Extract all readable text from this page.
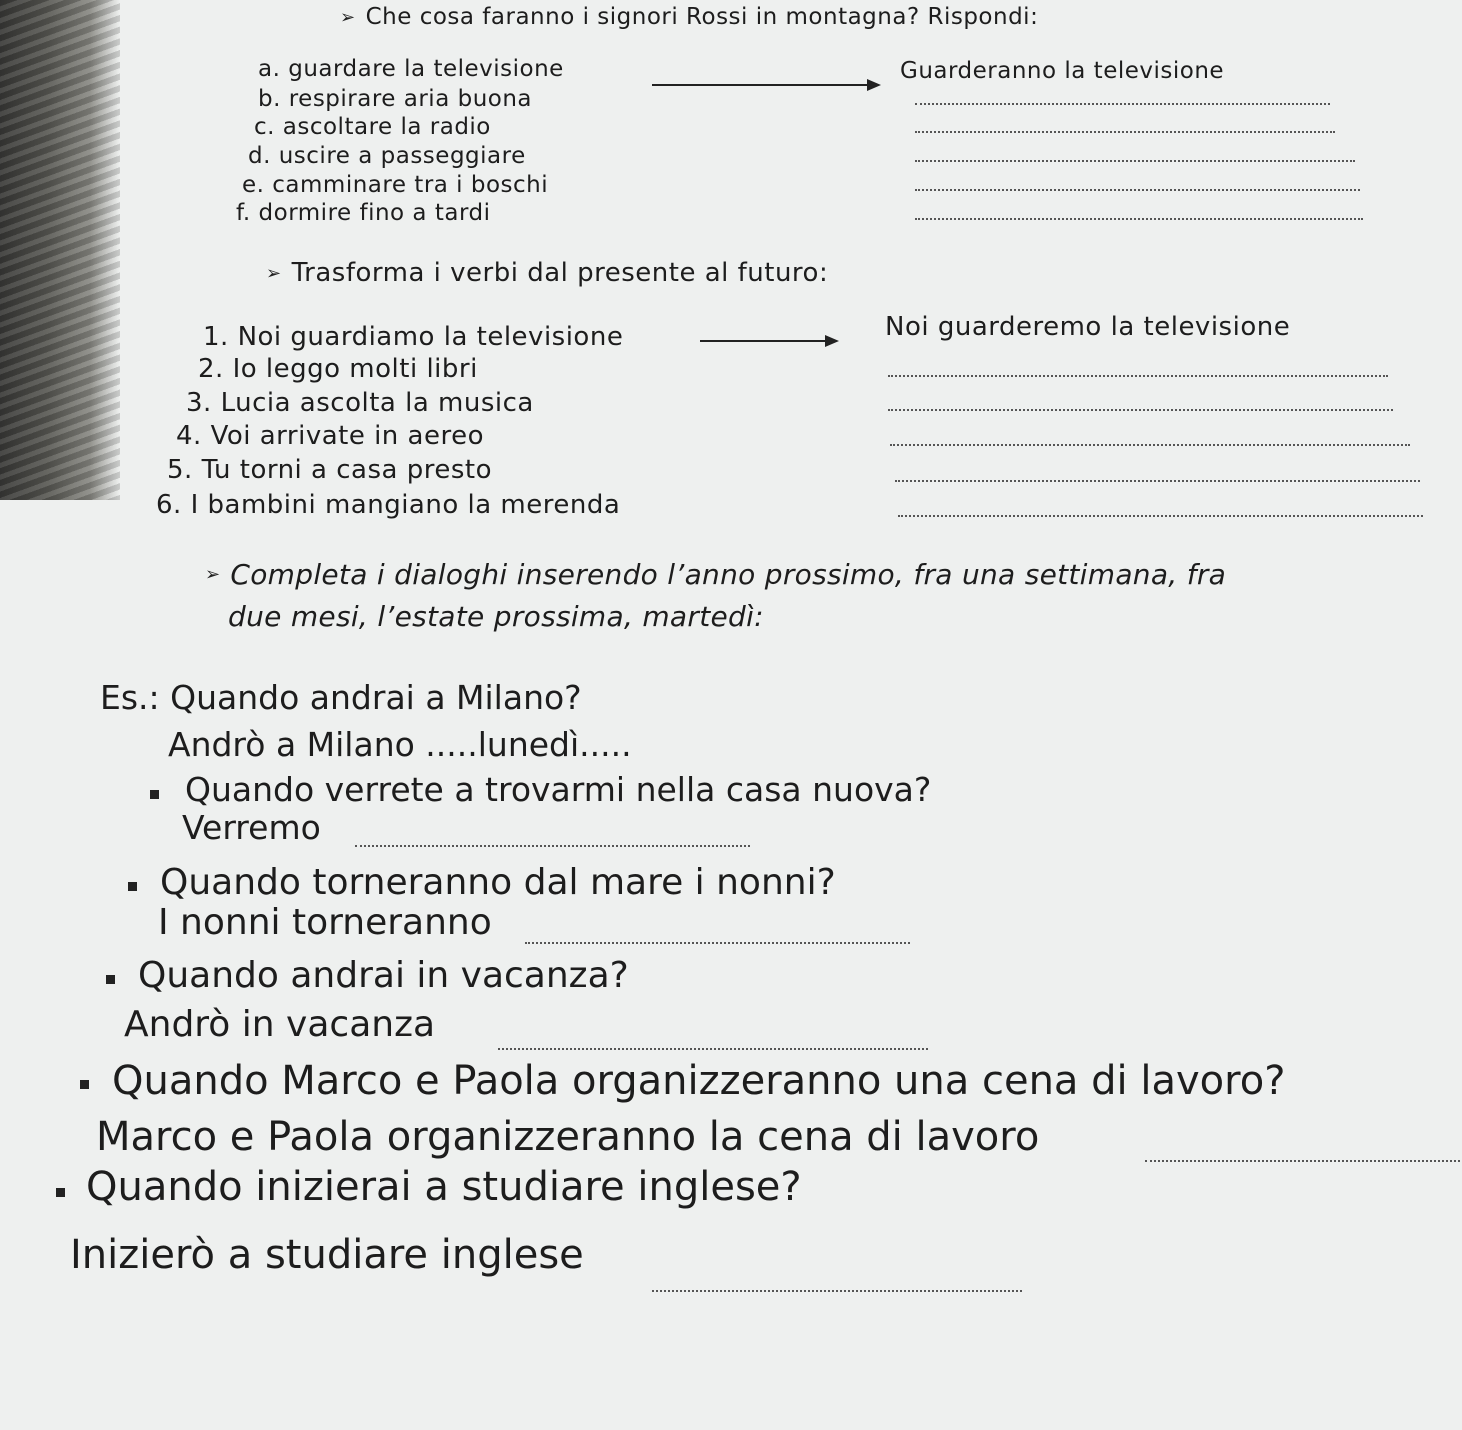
➢ Che cosa faranno i signori Rossi in montagna? Rispondi:
a. guardare la televisione
b. respirare aria buona
c. ascoltare la radio
d. uscire a passeggiare
e. camminare tra i boschi
f. dormire fino a tardi
Guarderanno la televisione
➢ Trasforma i verbi dal presente al futuro:
1. Noi guardiamo la televisione
2. Io leggo molti libri
3. Lucia ascolta la musica
4. Voi arrivate in aereo
5. Tu torni a casa presto
6. I bambini mangiano la merenda
Noi guarderemo la televisione
➢ Completa i dialoghi inserendo l’anno prossimo, fra una settimana, fra
due mesi, l’estate prossima, martedì:
Es.: Quando andrai a Milano?
Andrò a Milano .....lunedì.....
Quando verrete a trovarmi nella casa nuova?
Verremo
Quando torneranno dal mare i nonni?
I nonni torneranno
Quando andrai in vacanza?
Andrò in vacanza
Quando Marco e Paola organizzeranno una cena di lavoro?
Marco e Paola organizzeranno la cena di lavoro
Quando inizierai a studiare inglese?
Inizierò a studiare inglese
